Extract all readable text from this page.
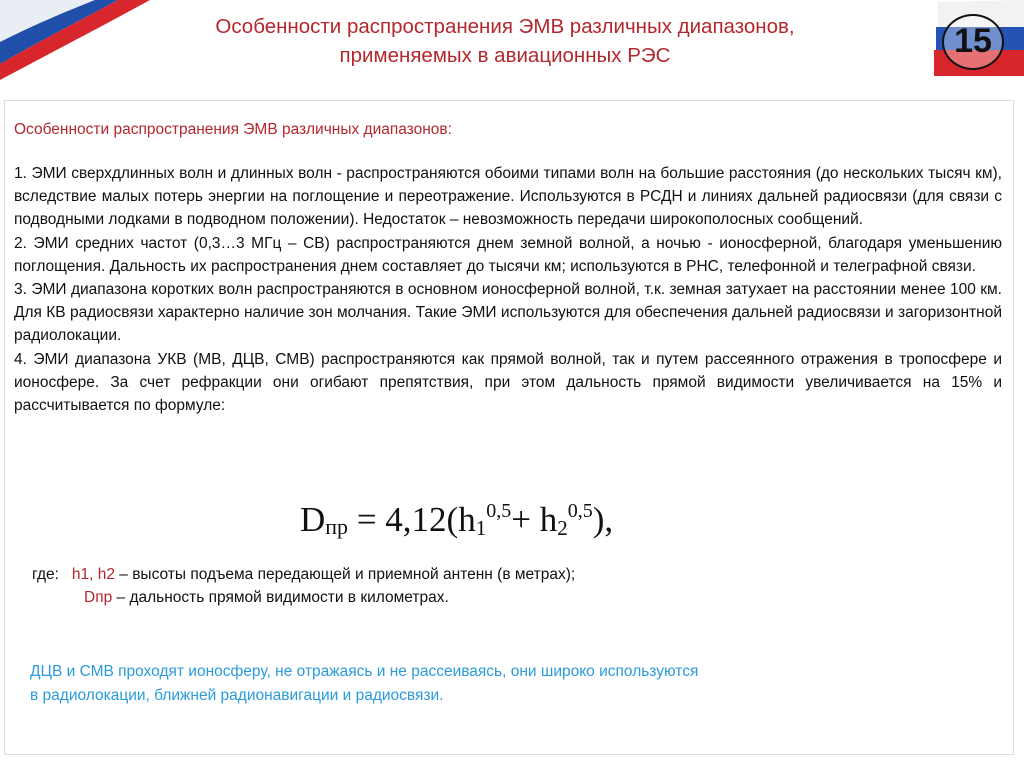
Особенности распространения ЭМВ различных диапазонов,
применяемых в авиационных РЭС	15
Особенности распространения ЭМВ различных диапазонов:

1. ЭМИ сверхдлинных волн и длинных волн - распространяются обоими типами волн на большие расстояния (до нескольких тысяч км), вследствие малых потерь энергии на поглощение и переотражение. Используются в РСДН и линиях дальней радиосвязи (для связи с подводными лодками в подводном положении). Недостаток – невозможность передачи широкополосных сообщений.

2. ЭМИ средних частот (0,3…3 МГц – СВ) распространяются днем земной волной, а ночью - ионосферной, благодаря уменьшению поглощения. Дальность их распространения днем составляет до тысячи км; используются в РНС, телефонной и телеграфной связи.

3. ЭМИ диапазона коротких волн распространяются в основном ионосферной волной, т.к. земная затухает на расстоянии менее 100 км. Для КВ радиосвязи характерно наличие зон молчания. Такие ЭМИ используются для обеспечения дальней радиосвязи и загоризонтной радиолокации.

4. ЭМИ диапазона УКВ (МВ, ДЦВ, СМВ) распространяются как прямой волной, так и путем рассеянного отражения в тропосфере и ионосфере. За счет рефракции они огибают препятствия, при этом дальность прямой видимости увеличивается на 15% и рассчитывается по формуле:

$D_{пр} = 4,12(h_1^{0,5}+ h_2^{0,5})$,
где: h1, h2 – высоты подъема передающей и приемной антенн (в метрах);
Dпр – дальность прямой видимости в километрах.
ДЦВ и СМВ проходят ионосферу, не отражаясь и не рассеиваясь, они широко используются
в радиолокации, ближней радионавигации и радиосвязи.
